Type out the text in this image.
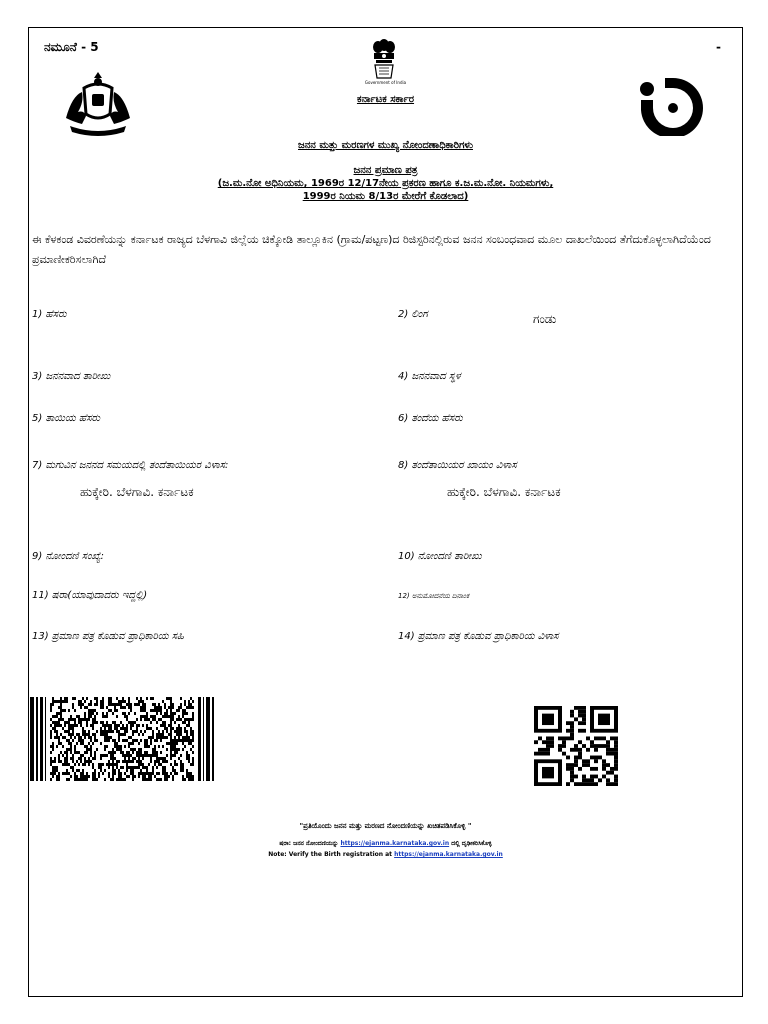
ನಮೂನೆ - 5	-
Government of India
ಕರ್ನಾಟಕ ಸರ್ಕಾರ
ಜನನ ಮತ್ತು ಮರಣಗಳ ಮುಖ್ಯ ನೋಂದಣಾಧಿಕಾರಿಗಳು
ಜನನ ಪ್ರಮಾಣ ಪತ್ರ
(ಜ.ಮ.ನೋ ಅಧಿನಿಯಮ, 1969ರ 12/17ನೇಯ ಪ್ರಕರಣ ಹಾಗೂ ಕ.ಜ.ಮ.ನೋ. ನಿಯಮಗಳು,
1999ರ ನಿಯಮ 8/13ರ ಮೇರೆಗೆ ಕೊಡಲಾದ)
ಈ ಕೆಳಕಂಡ ವಿವರಣೆಯನ್ನು ಕರ್ನಾಟಕ ರಾಜ್ಯದ ಬೆಳಗಾವಿ ಜಿಲ್ಲೆಯ ಚಿಕ್ಕೋಡಿ ತಾಲ್ಲೂಕಿನ (ಗ್ರಾಮ/ಪಟ್ಟಣ)ದ ರಿಜಿಸ್ಟರಿನಲ್ಲಿರುವ ಜನನ ಸಂಬಂಧವಾದ ಮೂಲ ದಾಖಲೆಯಿಂದ ತೆಗೆದುಕೊಳ್ಳಲಾಗಿದೆಯೆಂದ ಪ್ರಮಾಣೀಕರಿಸಲಾಗಿದೆ
1) ಹೆಸರು	2) ಲಿಂಗ	ಗಂಡು
3) ಜನನವಾದ ತಾರೀಖು	4) ಜನನವಾದ ಸ್ಥಳ
5) ತಾಯಿಯ ಹೆಸರು	6) ತಂದೆಯ ಹೆಸರು
7) ಮಗುವಿನ ಜನನದ ಸಮಯದಲ್ಲಿ ತಂದೆತಾಯಿಯರ ವಿಳಾಸ:	8) ತಂದೆತಾಯಿಯರ ಖಾಯಂ ವಿಳಾಸ
ಹುಕ್ಕೇರಿ. ಬೆಳಗಾವಿ. ಕರ್ನಾಟಕ	ಹುಕ್ಕೇರಿ. ಬೆಳಗಾವಿ. ಕರ್ನಾಟಕ
9) ನೋಂದಣಿ ಸಂಖ್ಯೆ:	10) ನೋಂದಣಿ ತಾರೀಖು
11) ಷರಾ(ಯಾವುದಾದರು ಇದ್ದಲ್ಲಿ)	12) ಅನುಮೋದನೆಯ ದಿನಾಂಕ
13) ಪ್ರಮಾಣ ಪತ್ರ ಕೊಡುವ ಪ್ರಾಧಿಕಾರಿಯ ಸಹಿ	14) ಪ್ರಮಾಣ ಪತ್ರ ಕೊಡುವ ಪ್ರಾಧಿಕಾರಿಯ ವಿಳಾಸ
"ಪ್ರತಿಯೊಂದು ಜನನ ಮತ್ತು ಮರಣದ ನೋಂದಣಿಯನ್ನು ಖಚಿತಪಡಿಸಿಕೊಳ್ಳಿ "
ಷರಾ: ಜನನ ನೋಂದಣಿಯನ್ನು https://ejanma.karnataka.gov.in ದಲ್ಲಿ ದೃಢೀಕರಿಸಿಕೊಳ್ಳಿ
Note: Verify the Birth registration at https://ejanma.karnataka.gov.in
